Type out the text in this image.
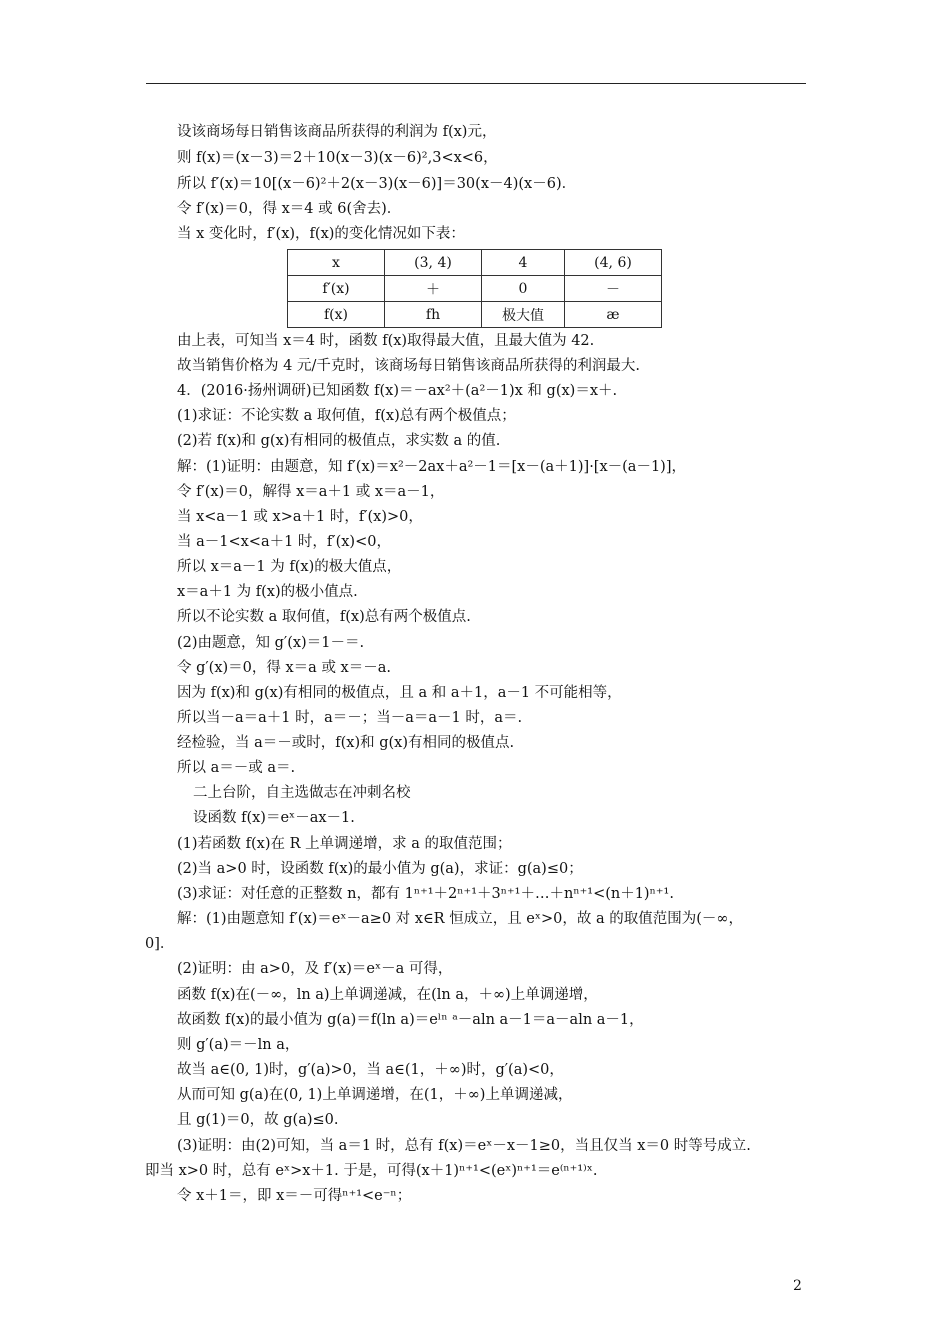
设该商场每日销售该商品所获得的利润为 f(x)元，
则 f(x)＝(x－3)＝2＋10(x－3)(x－6)²,3<x<6，
所以 f′(x)＝10[(x－6)²＋2(x－3)(x－6)]＝30(x－4)(x－6)．
令 f′(x)＝0，得 x＝4 或 6(舍去)．
当 x 变化时，f′(x)，f(x)的变化情况如下表：
x	(3, 4)	4	(4, 6)
f′(x)	＋	0	－
f(x)	fh	极大值	æ
由上表，可知当 x＝4 时，函数 f(x)取得最大值，且最大值为 42.
故当销售价格为 4 元/千克时，该商场每日销售该商品所获得的利润最大.
4．(2016·扬州调研)已知函数 f(x)＝－ax²＋(a²－1)x 和 g(x)＝x＋.
(1)求证：不论实数 a 取何值，f(x)总有两个极值点；
(2)若 f(x)和 g(x)有相同的极值点，求实数 a 的值.
解：(1)证明：由题意，知 f′(x)＝x²－2ax＋a²－1＝[x－(a＋1)]·[x－(a－1)]，
令 f′(x)＝0，解得 x＝a＋1 或 x＝a－1，
当 x<a－1 或 x>a＋1 时，f′(x)>0，
当 a－1<x<a＋1 时，f′(x)<0，
所以 x＝a－1 为 f(x)的极大值点，
x＝a＋1 为 f(x)的极小值点.
所以不论实数 a 取何值，f(x)总有两个极值点.
(2)由题意，知 g′(x)＝1－＝.
令 g′(x)＝0，得 x＝a 或 x＝－a.
因为 f(x)和 g(x)有相同的极值点，且 a 和 a＋1，a－1 不可能相等，
所以当－a＝a＋1 时，a＝－；当－a＝a－1 时，a＝.
经检验，当 a＝－或时，f(x)和 g(x)有相同的极值点.
所以 a＝－或 a＝.
二上台阶，自主选做志在冲刺名校
设函数 f(x)＝eˣ－ax－1.
(1)若函数 f(x)在 R 上单调递增，求 a 的取值范围；
(2)当 a>0 时，设函数 f(x)的最小值为 g(a)，求证：g(a)≤0；
(3)求证：对任意的正整数 n，都有 1ⁿ⁺¹＋2ⁿ⁺¹＋3ⁿ⁺¹＋…＋nⁿ⁺¹<(n＋1)ⁿ⁺¹.
解：(1)由题意知 f′(x)＝eˣ－a≥0 对 x∈R 恒成立，且 eˣ>0，故 a 的取值范围为(－∞，
0]．
(2)证明：由 a>0，及 f′(x)＝eˣ－a 可得，
函数 f(x)在(－∞，ln a)上单调递减，在(ln a，＋∞)上单调递增，
故函数 f(x)的最小值为 g(a)＝f(ln a)＝eˡⁿ ᵃ－aln a－1＝a－aln a－1，
则 g′(a)＝－ln a，
故当 a∈(0, 1)时，g′(a)>0，当 a∈(1，＋∞)时，g′(a)<0，
从而可知 g(a)在(0, 1)上单调递增，在(1，＋∞)上单调递减，
且 g(1)＝0，故 g(a)≤0.
(3)证明：由(2)可知，当 a＝1 时，总有 f(x)＝eˣ－x－1≥0，当且仅当 x＝0 时等号成立.
即当 x>0 时，总有 eˣ>x＋1. 于是，可得(x＋1)ⁿ⁺¹<(eˣ)ⁿ⁺¹＝e⁽ⁿ⁺¹⁾ˣ.
令 x＋1＝，即 x＝－可得ⁿ⁺¹<e⁻ⁿ；
2
